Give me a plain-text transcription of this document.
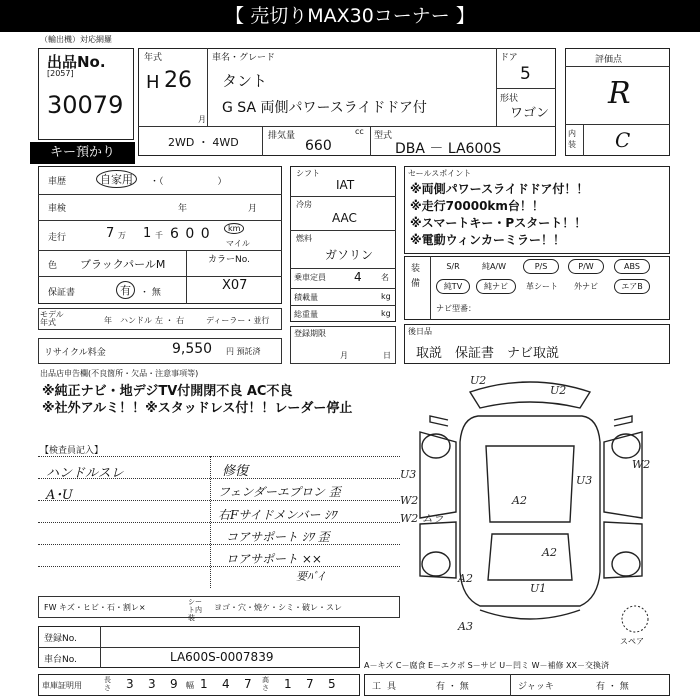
【 売切りMAX30コーナー 】
（輸出機）対応網羅
出品No.
[2057]
30079
キー預かり
年式
H 26
月
車名・グレード
タント
G SA 両側パワースライドドア付
ドア
5
形状
ワゴン
2WD ・ 4WD	排気量	cc
660
型式
DBA － LA600S
評価点
R
内装 C
車歴	自家用	・（　　　　　　）
車検	年	月
走行	7 万 1 千 6 0 0	km
マイル
色 ブラックパールM	カラーNo.
X07
保証書	有	・ 無
モデル年式	年 ハンドル 左 ・ 右	ディーラー・並行
リサイクル料金	9,550 円 預託済
シフト
IAT
冷房
AAC
燃料
ガソリン
乗車定員 4 名
積載量	kg
総重量	kg
登録期限
月	日
セールスポイント
※両側パワースライドドア付！！
※走行70000km台！！
※スマートキー・Pスタート！！
※電動ウィンカーミラー！！
装備
S/R	純A/W	P/S	P/W	ABS
純TV	純ナビ	革シート	外ナビ	エアB
ナビ型番：
後日品
取説　保証書　ナビ取説
出品店申告欄(不良箇所・欠品・注意事項等)
※純正ナビ・地デジTV付開閉不良 AC不良
※社外アルミ！！※スタッドレス付！！レーダー停止
【検査員記入】
ハンドルスレ
A･U
修復
フェンダーエプロン 歪
右Fサイドメンバー ｼﾜ
コアサポート ｼﾜ 歪
ロアサポート ××
要ﾊﾞｲ
U2
U2
U3
W2	A2
A2
A2
U1
A3
W2
U3
W2 ムラ
スペア
FW キズ・ヒビ・石・割レ×
シート内装
ヨゴ・穴・焼ケ・シミ・破レ・スレ
登録No.
車台No.	LA600S-0007839
A－キズ C－腐食 E－エクボ S－サビ U－凹ミ W－補修 XX－交換済
車庫証明用
長さ 3 3 9 幅 1 4 7 高さ 1 7 5	工具	有 ・ 無	ジャッキ	有 ・ 無
